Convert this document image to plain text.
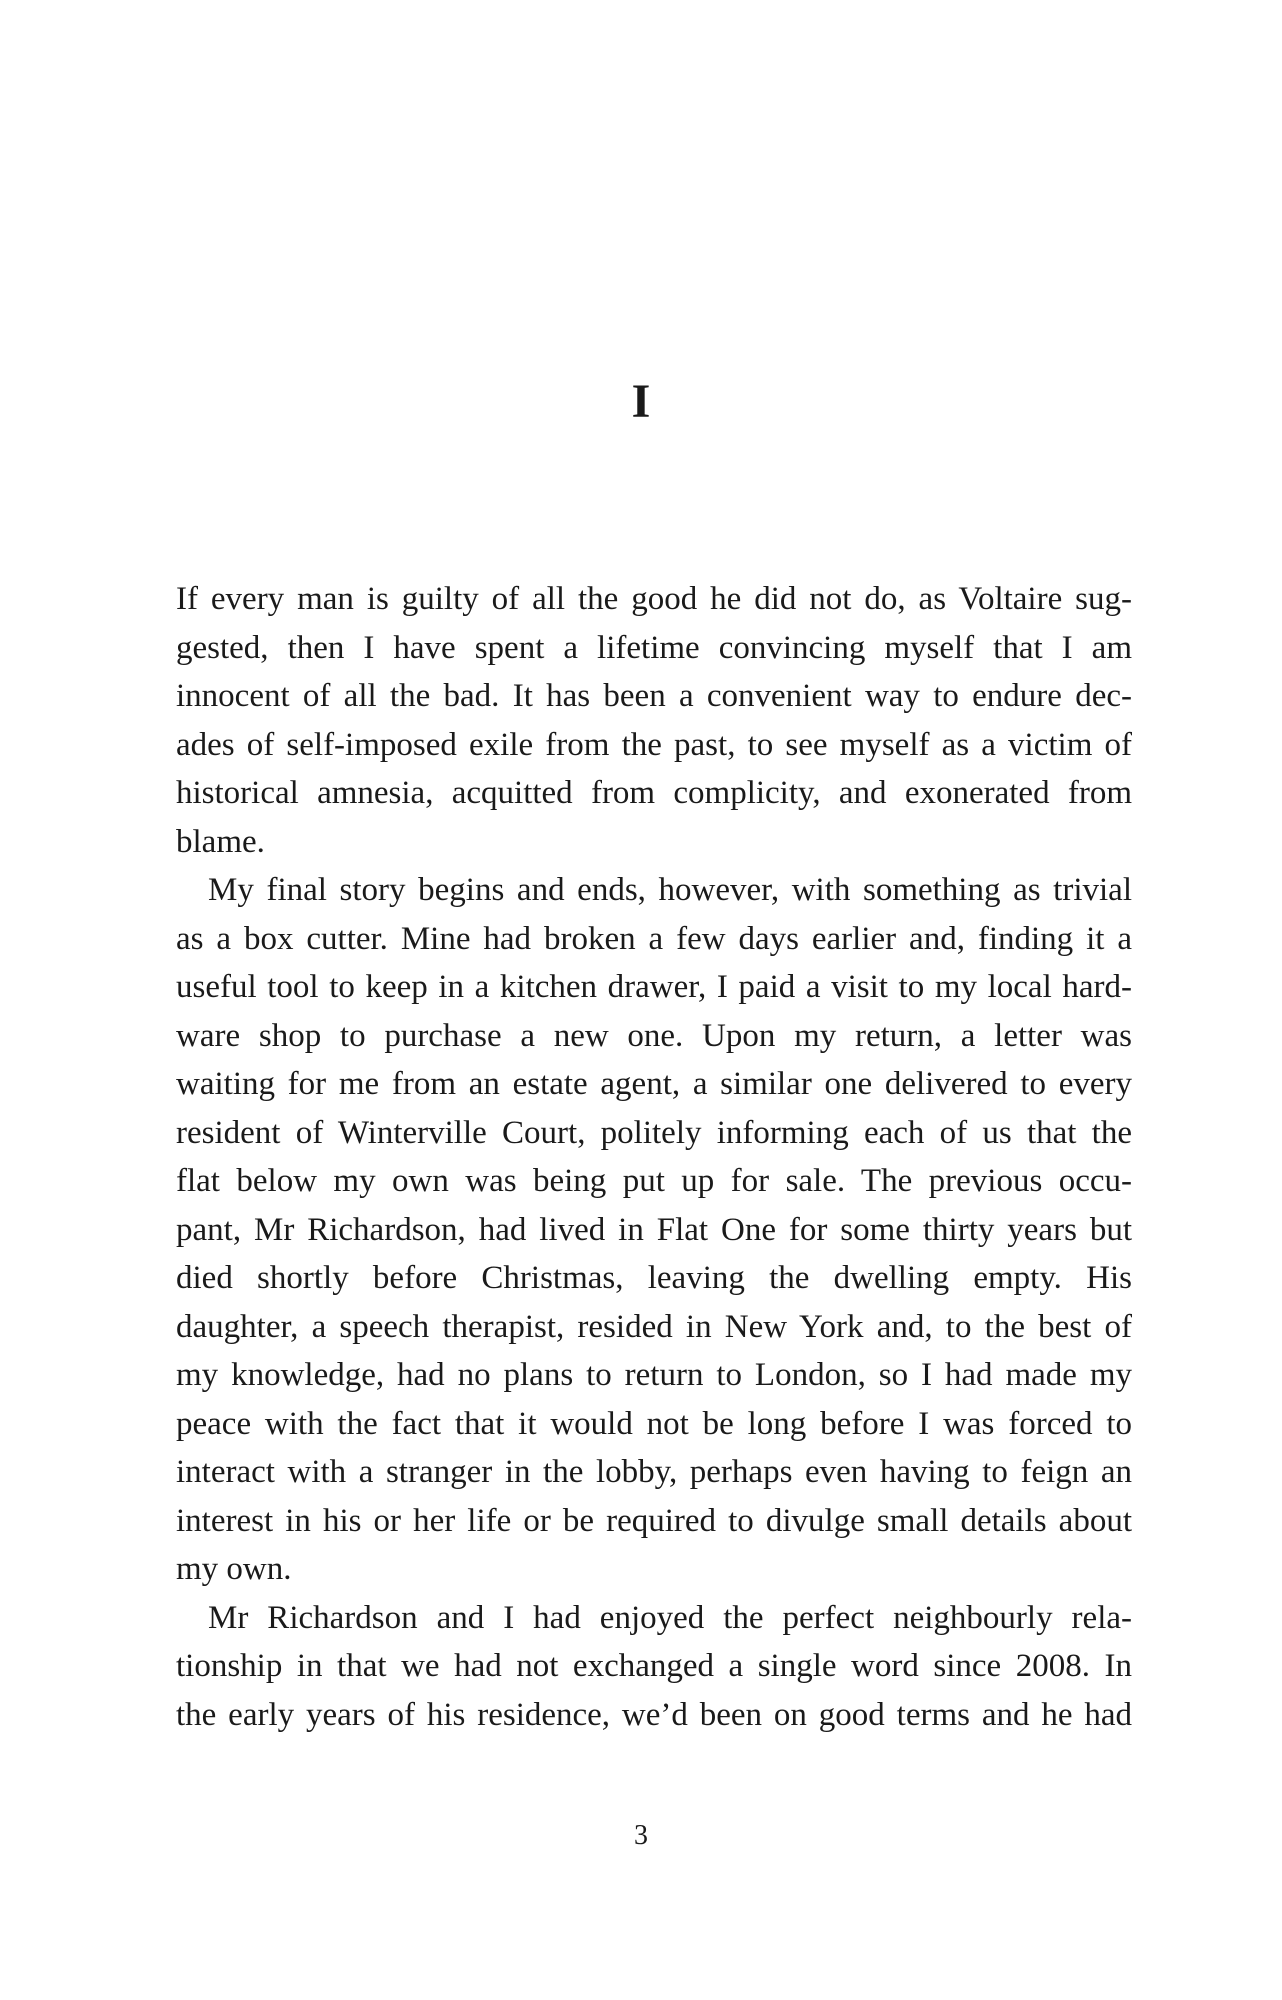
I
If every man is guilty of all the good he did not do, as Voltaire sug-
gested, then I have spent a lifetime convincing myself that I am
innocent of all the bad. It has been a convenient way to endure dec-
ades of self-imposed exile from the past, to see myself as a victim of
historical amnesia, acquitted from complicity, and exonerated from
blame.
My final story begins and ends, however, with something as trivial
as a box cutter. Mine had broken a few days earlier and, finding it a
useful tool to keep in a kitchen drawer, I paid a visit to my local hard-
ware shop to purchase a new one. Upon my return, a letter was
waiting for me from an estate agent, a similar one delivered to every
resident of Winterville Court, politely informing each of us that the
flat below my own was being put up for sale. The previous occu-
pant, Mr Richardson, had lived in Flat One for some thirty years but
died shortly before Christmas, leaving the dwelling empty. His
daughter, a speech therapist, resided in New York and, to the best of
my knowledge, had no plans to return to London, so I had made my
peace with the fact that it would not be long before I was forced to
interact with a stranger in the lobby, perhaps even having to feign an
interest in his or her life or be required to divulge small details about
my own.
Mr Richardson and I had enjoyed the perfect neighbourly rela-
tionship in that we had not exchanged a single word since 2008. In
the early years of his residence, we’d been on good terms and he had
3
